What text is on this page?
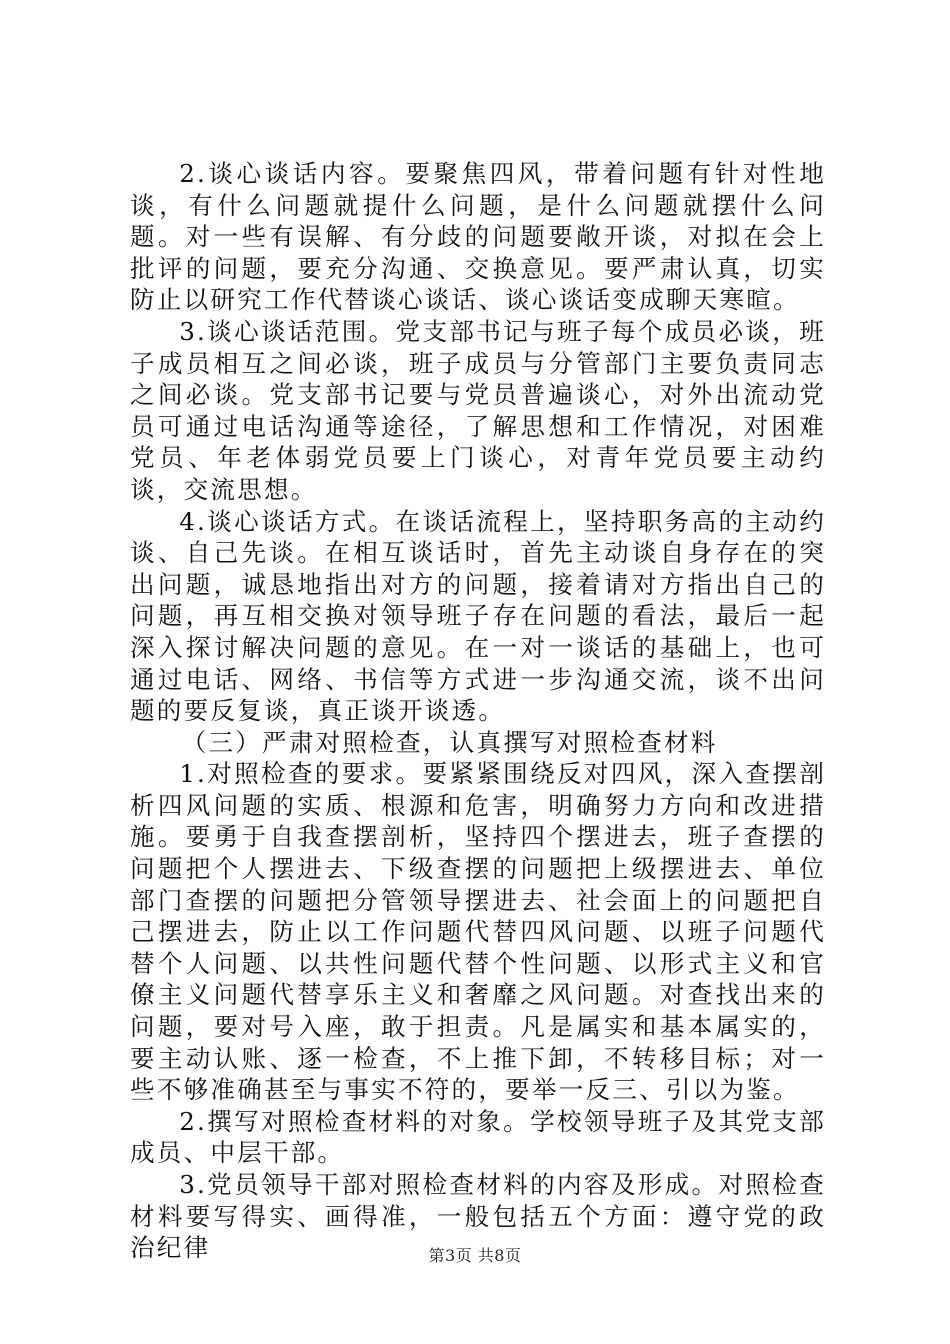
2.谈心谈话内容。要聚焦四风，带着问题有针对性地谈，有什么问题就提什么问题，是什么问题就摆什么问题。对一些有误解、有分歧的问题要敞开谈，对拟在会上批评的问题，要充分沟通、交换意见。要严肃认真，切实防止以研究工作代替谈心谈话、谈心谈话变成聊天寒暄。

3.谈心谈话范围。党支部书记与班子每个成员必谈，班子成员相互之间必谈，班子成员与分管部门主要负责同志之间必谈。党支部书记要与党员普遍谈心，对外出流动党员可通过电话沟通等途径，了解思想和工作情况，对困难党员、年老体弱党员要上门谈心，对青年党员要主动约谈，交流思想。

4.谈心谈话方式。在谈话流程上，坚持职务高的主动约谈、自己先谈。在相互谈话时，首先主动谈自身存在的突出问题，诚恳地指出对方的问题，接着请对方指出自己的问题，再互相交换对领导班子存在问题的看法，最后一起深入探讨解决问题的意见。在一对一谈话的基础上，也可通过电话、网络、书信等方式进一步沟通交流，谈不出问题的要反复谈，真正谈开谈透。

（三）严肃对照检查，认真撰写对照检查材料

1.对照检查的要求。要紧紧围绕反对四风，深入查摆剖析四风问题的实质、根源和危害，明确努力方向和改进措施。要勇于自我查摆剖析，坚持四个摆进去，班子查摆的问题把个人摆进去、下级查摆的问题把上级摆进去、单位部门查摆的问题把分管领导摆进去、社会面上的问题把自己摆进去，防止以工作问题代替四风问题、以班子问题代替个人问题、以共性问题代替个性问题、以形式主义和官僚主义问题代替享乐主义和奢靡之风问题。对查找出来的问题，要对号入座，敢于担责。凡是属实和基本属实的，要主动认账、逐一检查，不上推下卸，不转移目标；对一些不够准确甚至与事实不符的，要举一反三、引以为鉴。

2.撰写对照检查材料的对象。学校领导班子及其党支部成员、中层干部。

3.党员领导干部对照检查材料的内容及形成。对照检查材料要写得实、画得准，一般包括五个方面：遵守党的政治纪律	第3页 共8页
